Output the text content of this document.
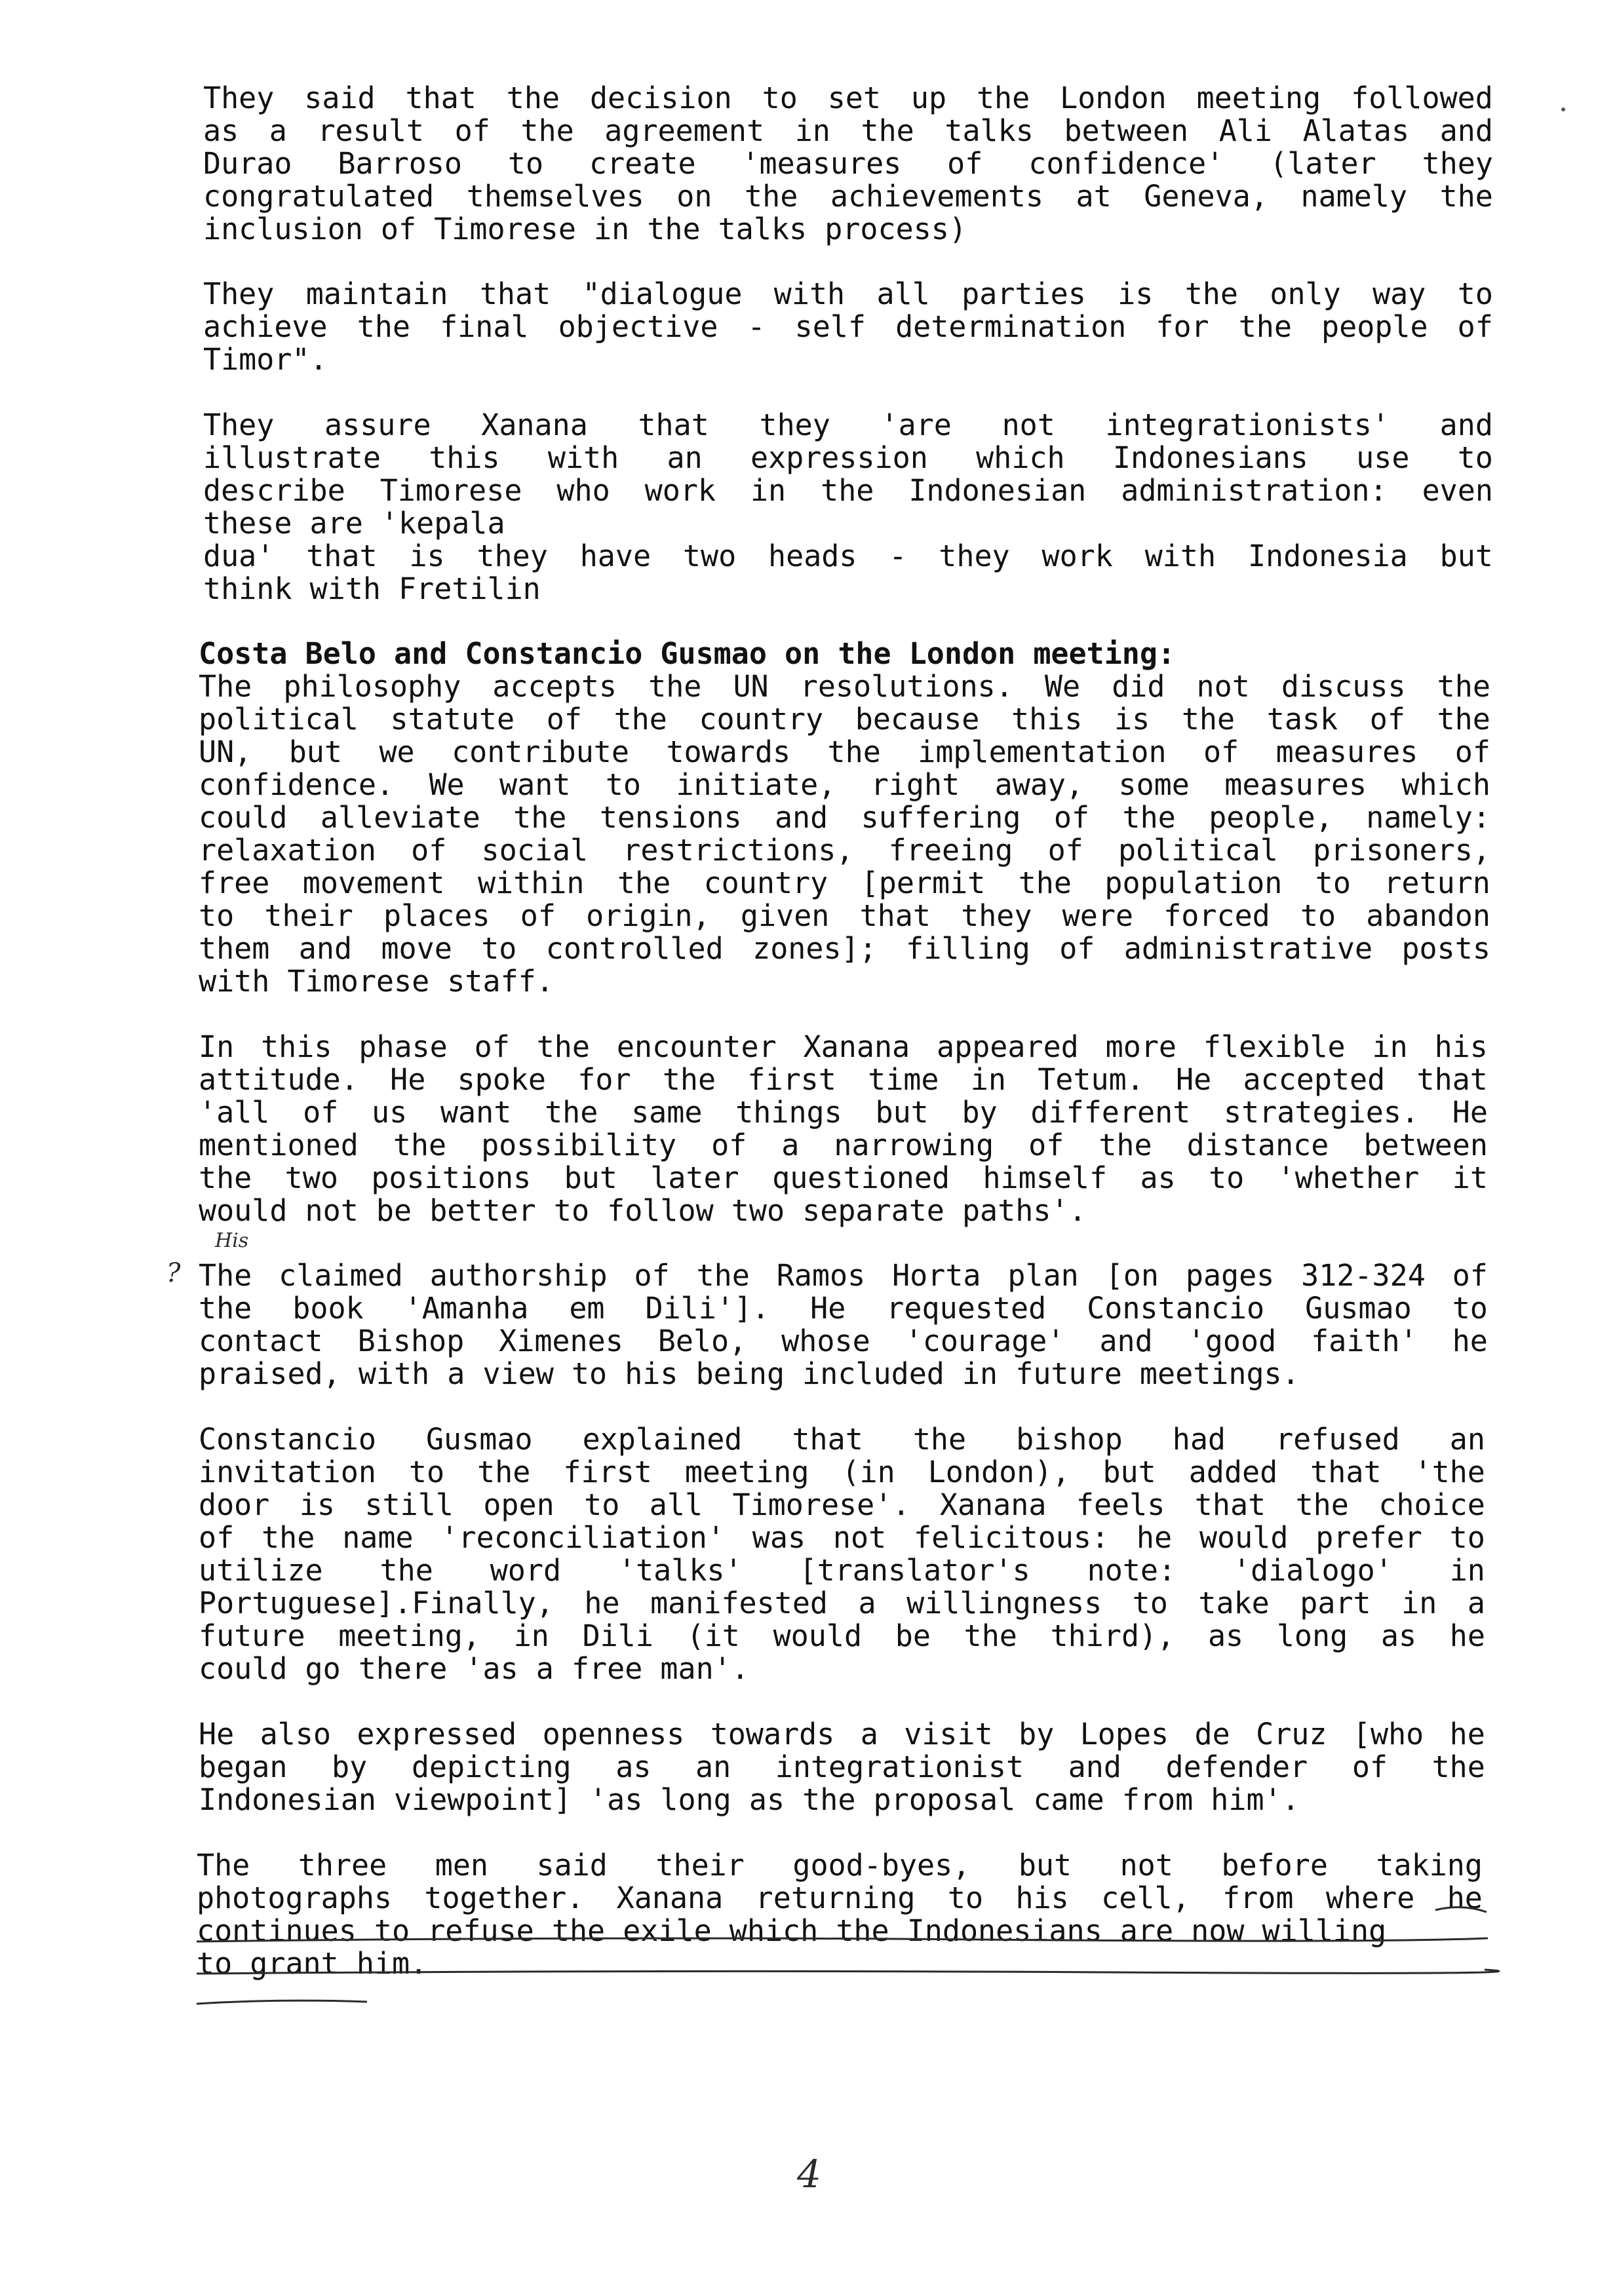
They said that the decision to set up the London meeting followed
as a result of the agreement in the talks between Ali Alatas and
Durao Barroso to create 'measures of confidence' (later they
congratulated themselves on the achievements at Geneva, namely the
inclusion of Timorese in the talks process)
They maintain that "dialogue with all parties is the only way to
achieve the final objective - self determination for the people of
Timor".
They assure Xanana that they 'are not integrationists' and
illustrate this with an expression which Indonesians use to
describe Timorese who work in the Indonesian administration: even
these are 'kepala
dua' that is they have two heads - they work with Indonesia but
think with Fretilin
Costa Belo and Constancio Gusmao on the London meeting:
The philosophy accepts the UN resolutions. We did not discuss the
political statute of the country because this is the task of the
UN, but we contribute towards the implementation of measures of
confidence. We want to initiate, right away, some measures which
could alleviate the tensions and suffering of the people, namely:
relaxation of social restrictions, freeing of political prisoners,
free movement within the country [permit the population to return
to their places of origin, given that they were forced to abandon
them and move to controlled zones]; filling of administrative posts
with Timorese staff.
In this phase of the encounter Xanana appeared more flexible in his
attitude. He spoke for the first time in Tetum. He accepted that
'all of us want the same things but by different strategies. He
mentioned the possibility of a narrowing of the distance between
the two positions but later questioned himself as to 'whether it
would not be better to follow two separate paths'.
The claimed authorship of the Ramos Horta plan [on pages 312-324 of
the book 'Amanha em Dili']. He requested Constancio Gusmao to
contact Bishop Ximenes Belo, whose 'courage' and 'good faith' he
praised, with a view to his being included in future meetings.
Constancio Gusmao explained that the bishop had refused an
invitation to the first meeting (in London), but added that 'the
door is still open to all Timorese'. Xanana feels that the choice
of the name 'reconciliation' was not felicitous: he would prefer to
utilize the word 'talks' [translator's note: 'dialogo' in
Portuguese].Finally, he manifested a willingness to take part in a
future meeting, in Dili (it would be the third), as long as he
could go there 'as a free man'.
He also expressed openness towards a visit by Lopes de Cruz [who he
began by depicting as an integrationist and defender of the
Indonesian viewpoint] 'as long as the proposal came from him'.
The three men said their good-byes, but not before taking
photographs together. Xanana returning to his cell, from where he
continues to refuse the exile which the Indonesians are now willing
to grant him.
?
His
4
